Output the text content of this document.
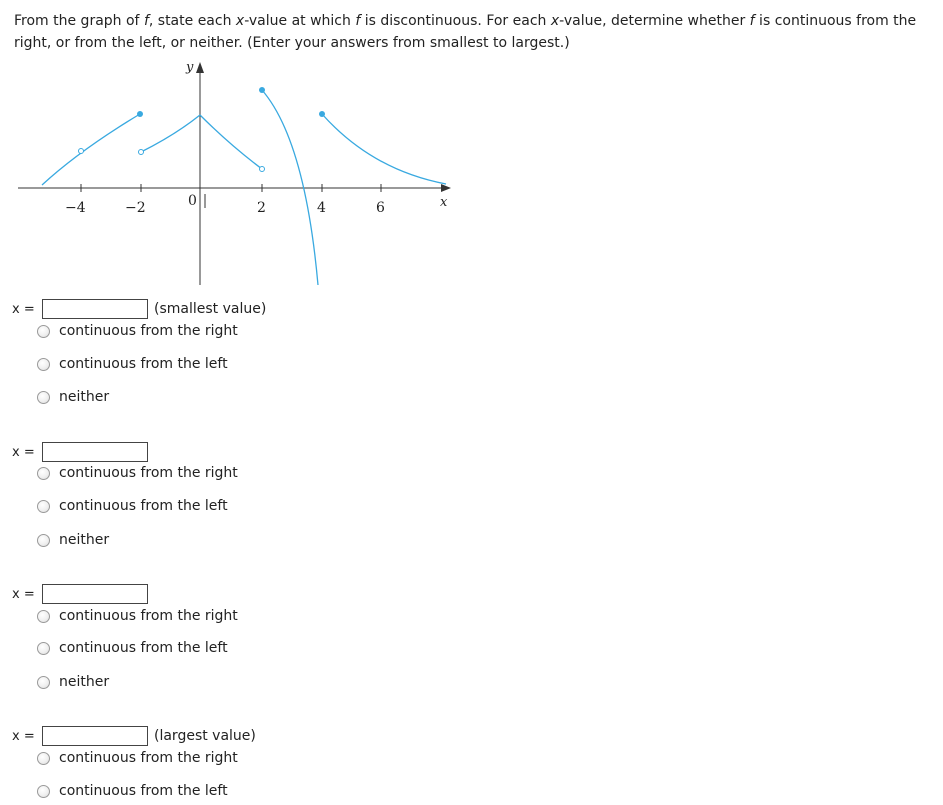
From the graph of f, state each x-value at which f is discontinuous. For each x-value, determine whether f is continuous from the right, or from the left, or neither. (Enter your answers from smallest to largest.)
y
x
0
−4	−2	2	4	6
x =	(smallest value)
continuous from the right
continuous from the left
neither
x =
continuous from the right
continuous from the left
neither
x =
continuous from the right
continuous from the left
neither
x =	(largest value)
continuous from the right
continuous from the left
